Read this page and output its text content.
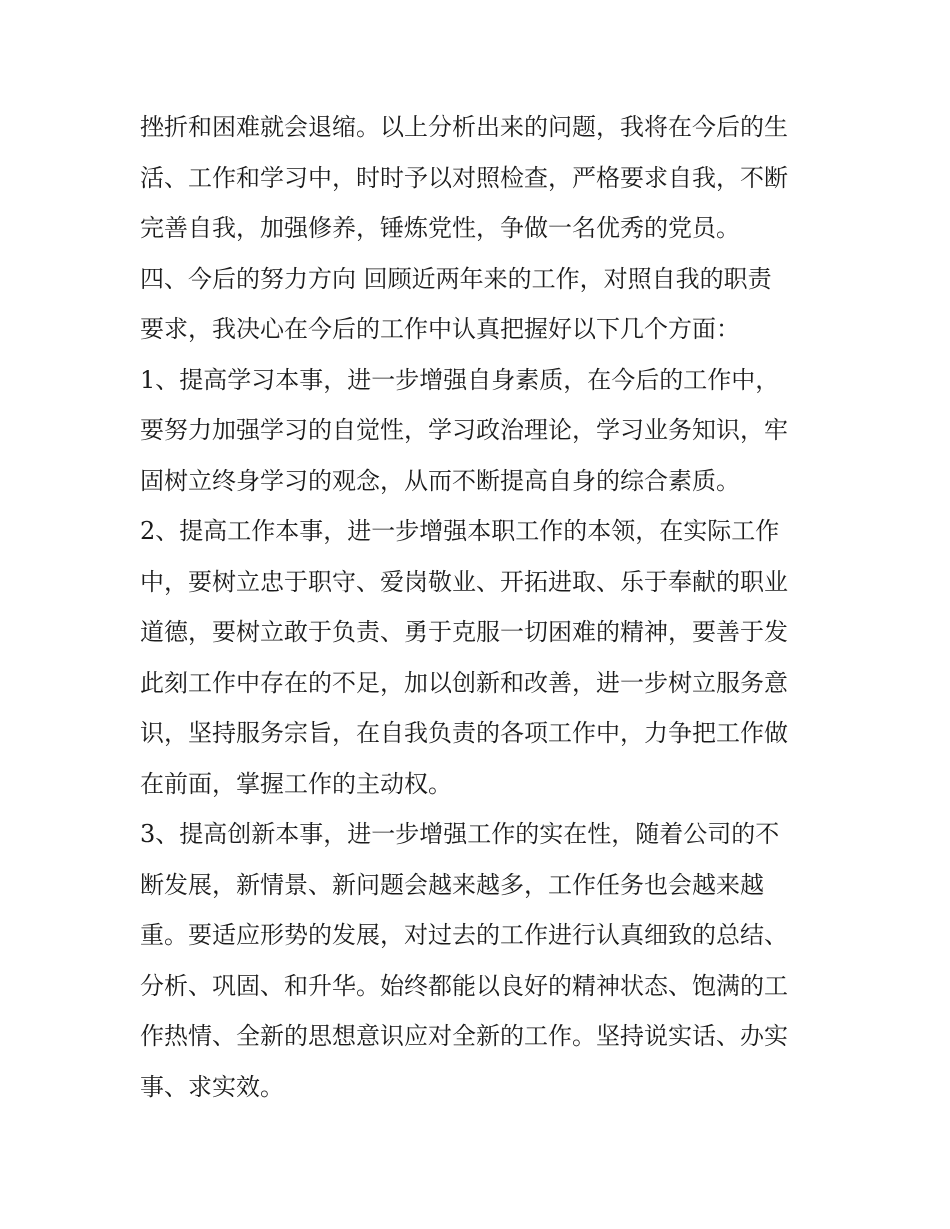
挫折和困难就会退缩。以上分析出来的问题，我将在今后的生
活、工作和学习中，时时予以对照检查，严格要求自我，不断
完善自我，加强修养，锤炼党性，争做一名优秀的党员。
四、今后的努力方向 回顾近两年来的工作，对照自我的职责
要求，我决心在今后的工作中认真把握好以下几个方面：
1、提高学习本事，进一步增强自身素质，在今后的工作中，
要努力加强学习的自觉性，学习政治理论，学习业务知识，牢
固树立终身学习的观念，从而不断提高自身的综合素质。
2、提高工作本事，进一步增强本职工作的本领，在实际工作
中，要树立忠于职守、爱岗敬业、开拓进取、乐于奉献的职业
道德，要树立敢于负责、勇于克服一切困难的精神，要善于发
此刻工作中存在的不足，加以创新和改善，进一步树立服务意
识，坚持服务宗旨，在自我负责的各项工作中，力争把工作做
在前面，掌握工作的主动权。
3、提高创新本事，进一步增强工作的实在性，随着公司的不
断发展，新情景、新问题会越来越多，工作任务也会越来越
重。要适应形势的发展，对过去的工作进行认真细致的总结、
分析、巩固、和升华。始终都能以良好的精神状态、饱满的工
作热情、全新的思想意识应对全新的工作。坚持说实话、办实
事、求实效。
